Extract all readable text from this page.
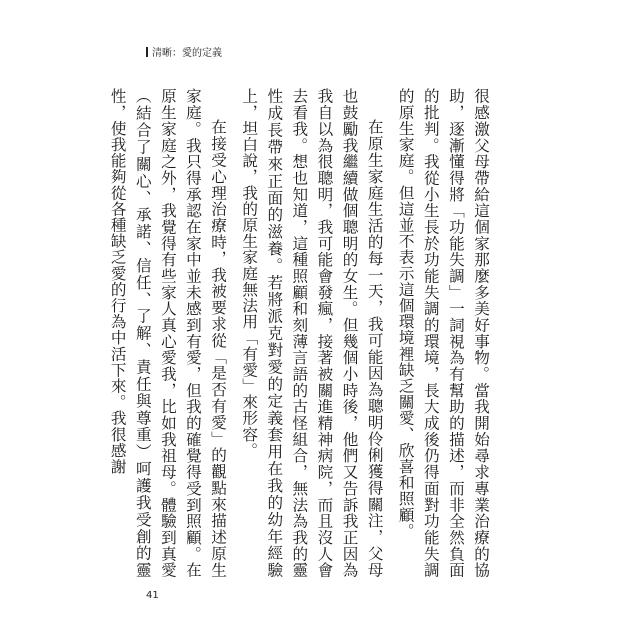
清晰：愛的定義

很感激父母帶給這個家那麼多美好事物。當我開始尋求專業治療的協助，逐漸懂得將「功能失調」一詞視為有幫助的描述，而非全然負面的批判。我從小生長於功能失調的環境，長大成後仍得面對功能失調的原生家庭。但這並不表示這個環境裡缺乏關愛、欣喜和照顧。

在原生家庭生活的每一天，我可能因為聰明伶俐獲得關注，父母也鼓勵我繼續做個聰明的女生。但幾個小時後，他們又告訴我正因為我自以為很聰明，我可能會發瘋，接著被關進精神病院，而且沒人會去看我。想也知道，這種照顧和刻薄言語的古怪組合，無法為我的靈性成長帶來正面的滋養。若將派克對愛的定義套用在我的幼年經驗上，坦白說，我的原生家庭無法用「有愛」來形容。

在接受心理治療時，我被要求從「是否有愛」的觀點來描述原生家庭。我只得承認在家中並未感到有愛，但我的確覺得受到照顧。在原生家庭之外，我覺得有些家人真心愛我，比如我祖母。體驗到真愛（結合了關心、承諾、信任、了解、責任與尊重）呵護我受創的靈性，使我能夠從各種缺乏愛的行為中活下來。我很感謝

41
